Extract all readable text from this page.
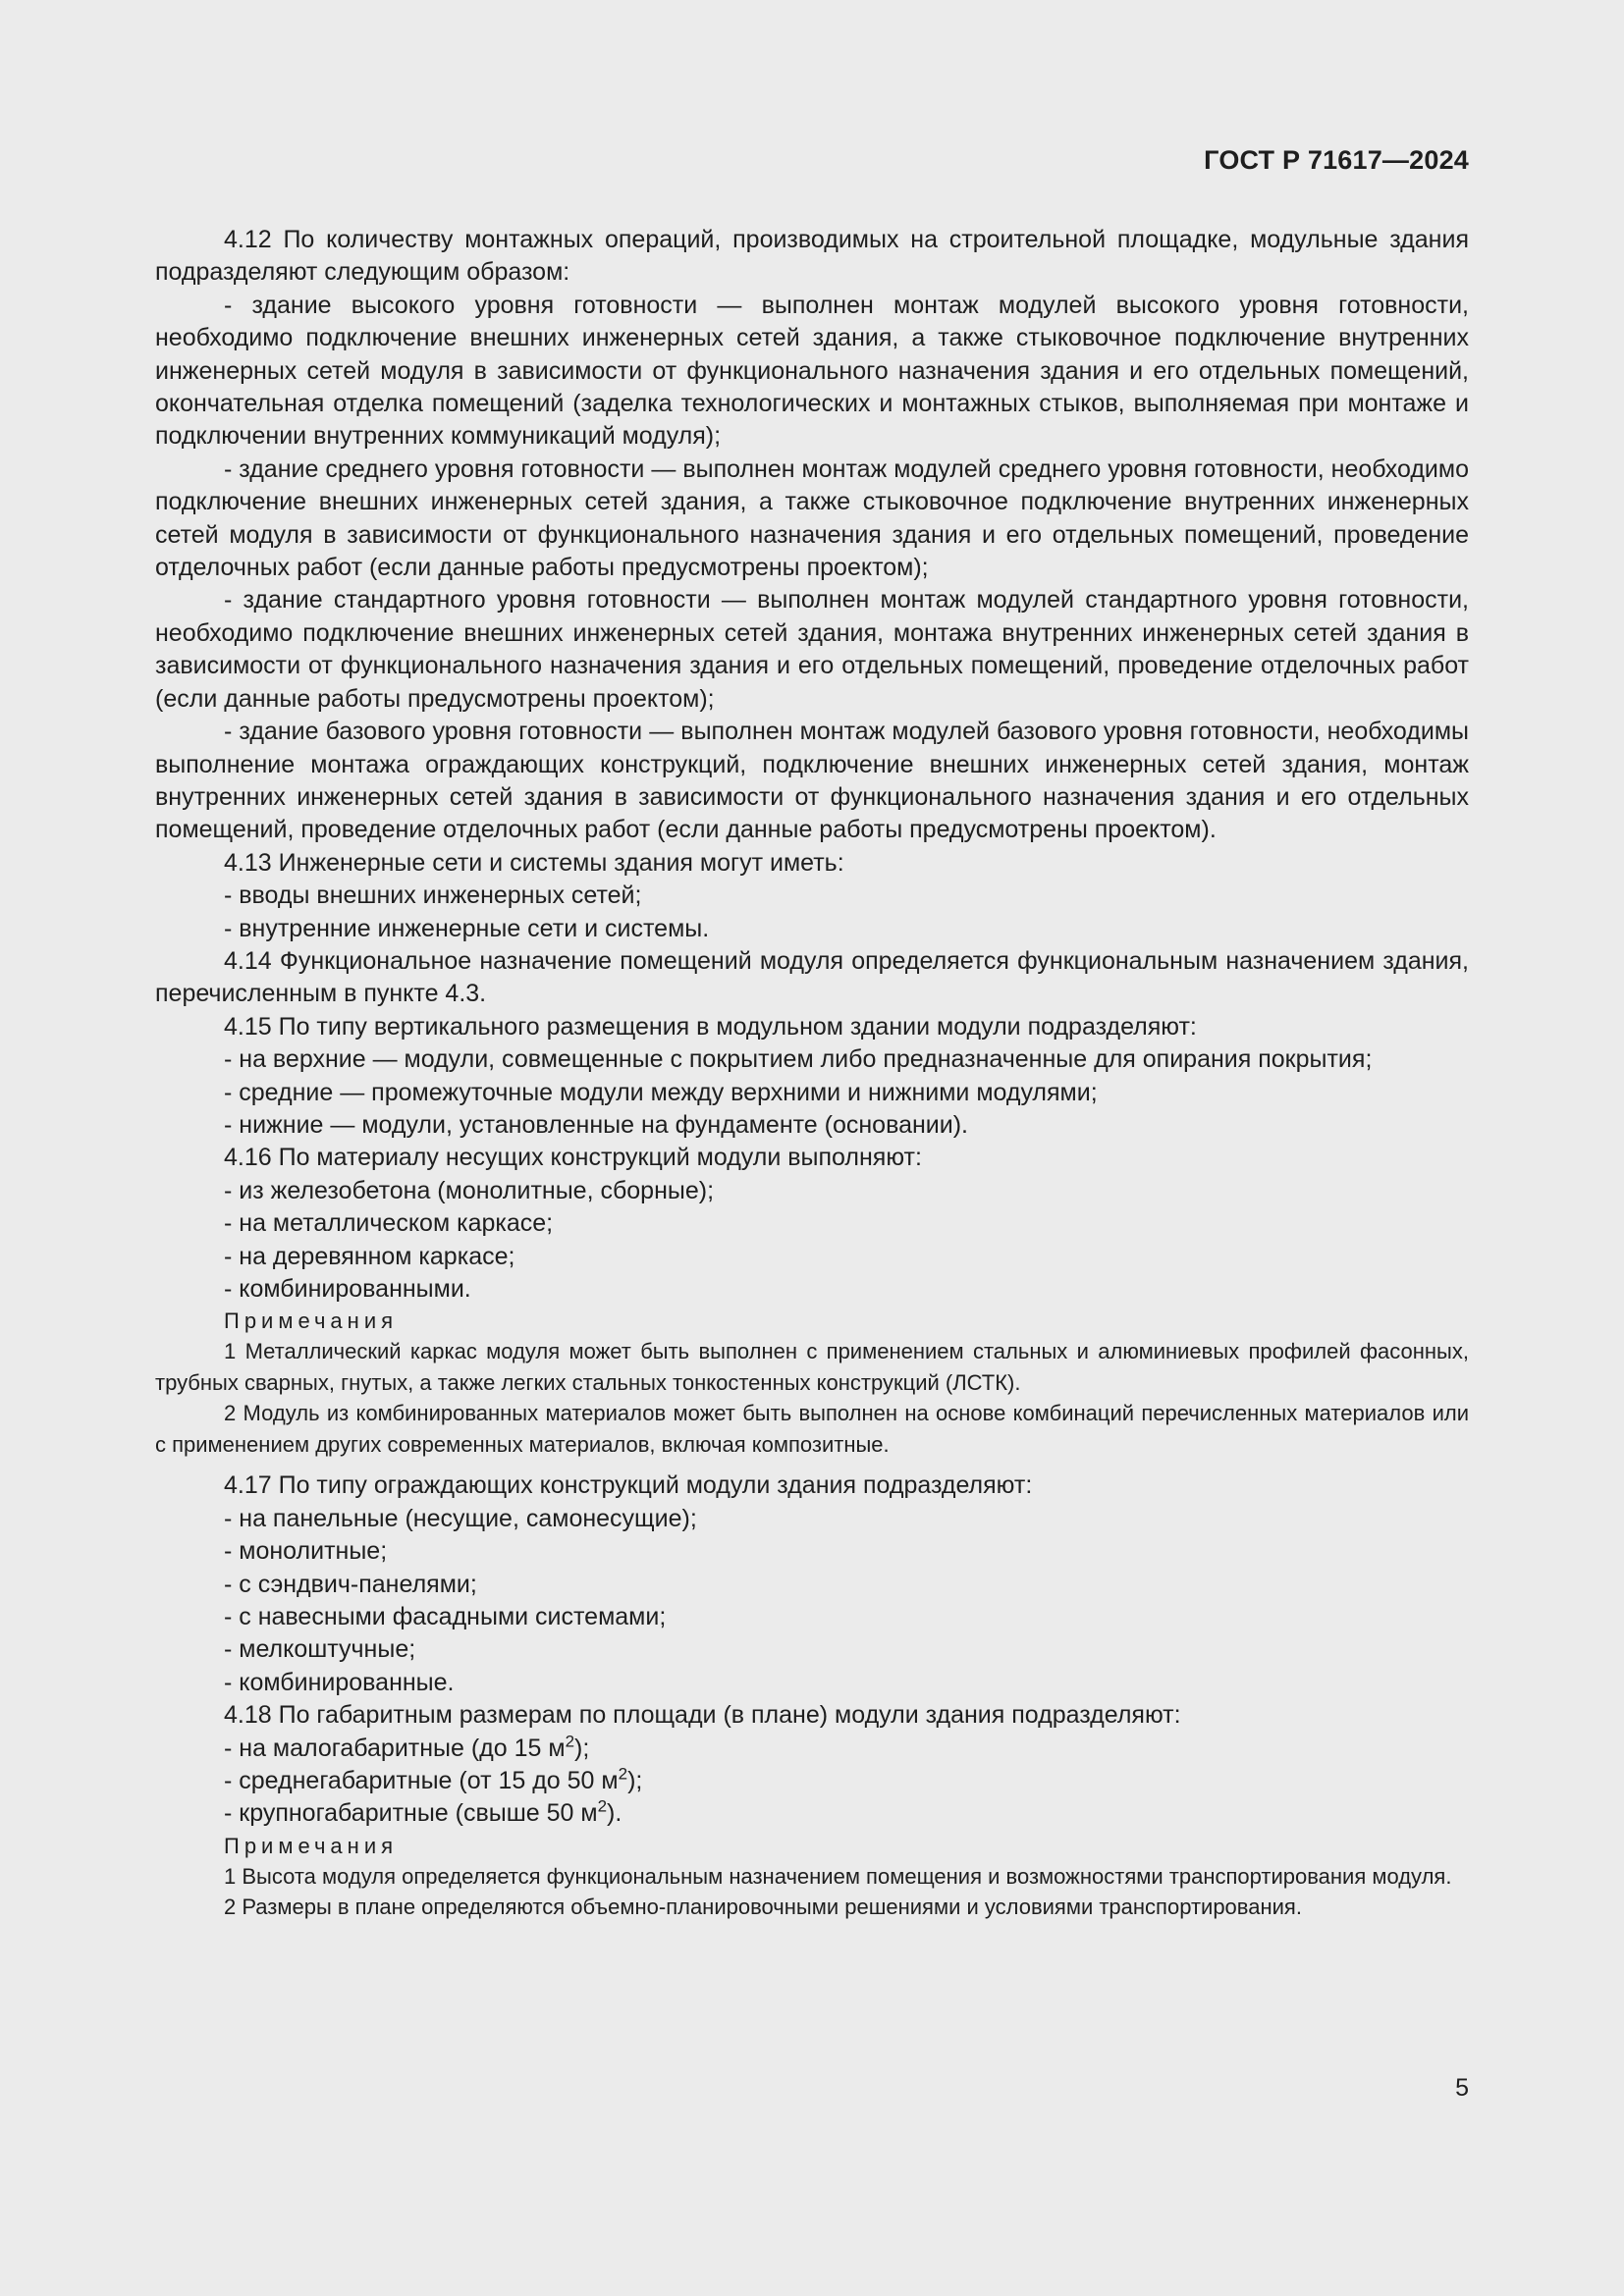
ГОСТ Р 71617—2024

4.12 По количеству монтажных операций, производимых на строительной площадке, модульные здания подразделяют следующим образом:

- здание высокого уровня готовности — выполнен монтаж модулей высокого уровня готовности, необходимо подключение внешних инженерных сетей здания, а также стыковочное подключение внутренних инженерных сетей модуля в зависимости от функционального назначения здания и его отдельных помещений, окончательная отделка помещений (заделка технологических и монтажных стыков, выполняемая при монтаже и подключении внутренних коммуникаций модуля);

- здание среднего уровня готовности — выполнен монтаж модулей среднего уровня готовности, необходимо подключение внешних инженерных сетей здания, а также стыковочное подключение внутренних инженерных сетей модуля в зависимости от функционального назначения здания и его отдельных помещений, проведение отделочных работ (если данные работы предусмотрены проектом);

- здание стандартного уровня готовности — выполнен монтаж модулей стандартного уровня готовности, необходимо подключение внешних инженерных сетей здания, монтажа внутренних инженерных сетей здания в зависимости от функционального назначения здания и его отдельных помещений, проведение отделочных работ (если данные работы предусмотрены проектом);

- здание базового уровня готовности — выполнен монтаж модулей базового уровня готовности, необходимы выполнение монтажа ограждающих конструкций, подключение внешних инженерных сетей здания, монтаж внутренних инженерных сетей здания в зависимости от функционального назначения здания и его отдельных помещений, проведение отделочных работ (если данные работы предусмотрены проектом).

4.13 Инженерные сети и системы здания могут иметь:

- вводы внешних инженерных сетей;

- внутренние инженерные сети и системы.

4.14 Функциональное назначение помещений модуля определяется функциональным назначением здания, перечисленным в пункте 4.3.

4.15 По типу вертикального размещения в модульном здании модули подразделяют:

- на верхние — модули, совмещенные с покрытием либо предназначенные для опирания покрытия;

- средние — промежуточные модули между верхними и нижними модулями;

- нижние — модули, установленные на фундаменте (основании).

4.16 По материалу несущих конструкций модули выполняют:

- из железобетона (монолитные, сборные);

- на металлическом каркасе;

- на деревянном каркасе;

- комбинированными.

Примечания

1 Металлический каркас модуля может быть выполнен с применением стальных и алюминиевых профилей фасонных, трубных сварных, гнутых, а также легких стальных тонкостенных конструкций (ЛСТК).

2 Модуль из комбинированных материалов может быть выполнен на основе комбинаций перечисленных материалов или с применением других современных материалов, включая композитные.

4.17 По типу ограждающих конструкций модули здания подразделяют:

- на панельные (несущие, самонесущие);

- монолитные;

- с сэндвич-панелями;

- с навесными фасадными системами;

- мелкоштучные;

- комбинированные.

4.18 По габаритным размерам по площади (в плане) модули здания подразделяют:

- на малогабаритные (до 15 $м^2$);

- среднегабаритные (от 15 до 50 $м^2$);

- крупногабаритные (свыше 50 $м^2$).

Примечания

1 Высота модуля определяется функциональным назначением помещения и возможностями транспортирования модуля.

2 Размеры в плане определяются объемно-планировочными решениями и условиями транспортирования.

5
